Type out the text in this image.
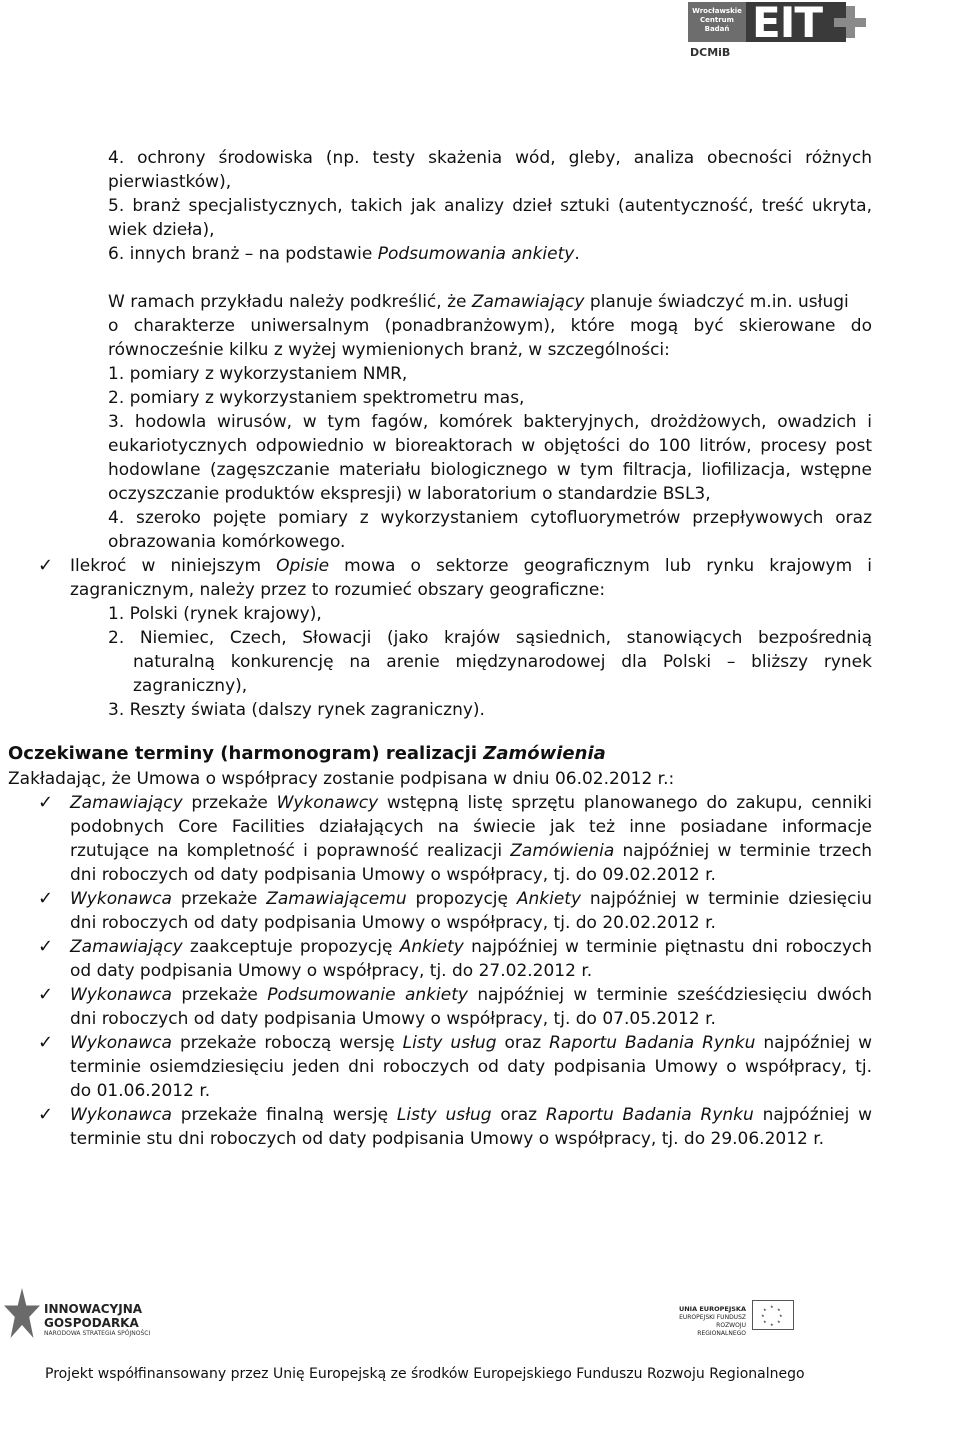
Wrocławskie
Centrum
Badań EIT
DCMiB
4. ochrony środowiska (np. testy skażenia wód, gleby, analiza obecności różnych
pierwiastków),
5. branż specjalistycznych, takich jak analizy dzieł sztuki (autentyczność, treść ukryta,
wiek dzieła),
6. innych branż – na podstawie Podsumowania ankiety.
W ramach przykładu należy podkreślić, że Zamawiający planuje świadczyć m.in. usługi
o charakterze uniwersalnym (ponadbranżowym), które mogą być skierowane do
równocześnie kilku z wyżej wymienionych branż, w szczególności:
1. pomiary z wykorzystaniem NMR,
2. pomiary z wykorzystaniem spektrometru mas,
3. hodowla wirusów, w tym fagów, komórek bakteryjnych, drożdżowych, owadzich i
eukariotycznych odpowiednio w bioreaktorach w objętości do 100 litrów, procesy post
hodowlane (zagęszczanie materiału biologicznego w tym filtracja, liofilizacja, wstępne
oczyszczanie produktów ekspresji) w laboratorium o standardzie BSL3,
4. szeroko pojęte pomiary z wykorzystaniem cytofluorymetrów przepływowych oraz
obrazowania komórkowego.
✓ Ilekroć w niniejszym Opisie mowa o sektorze geograficznym lub rynku krajowym i
zagranicznym, należy przez to rozumieć obszary geograficzne:
1. Polski (rynek krajowy),
2. Niemiec, Czech, Słowacji (jako krajów sąsiednich, stanowiących bezpośrednią
naturalną konkurencję na arenie międzynarodowej dla Polski – bliższy rynek
zagraniczny),
3. Reszty świata (dalszy rynek zagraniczny).
Oczekiwane terminy (harmonogram) realizacji Zamówienia
Zakładając, że Umowa o współpracy zostanie podpisana w dniu 06.02.2012 r.:
✓ Zamawiający przekaże Wykonawcy wstępną listę sprzętu planowanego do zakupu, cenniki
podobnych Core Facilities działających na świecie jak też inne posiadane informacje
rzutujące na kompletność i poprawność realizacji Zamówienia najpóźniej w terminie trzech
dni roboczych od daty podpisania Umowy o współpracy, tj. do 09.02.2012 r.
✓ Wykonawca przekaże Zamawiającemu propozycję Ankiety najpóźniej w terminie dziesięciu
dni roboczych od daty podpisania Umowy o współpracy, tj. do 20.02.2012 r.
✓ Zamawiający zaakceptuje propozycję Ankiety najpóźniej w terminie piętnastu dni roboczych
od daty podpisania Umowy o współpracy, tj. do 27.02.2012 r.
✓ Wykonawca przekaże Podsumowanie ankiety najpóźniej w terminie sześćdziesięciu dwóch
dni roboczych od daty podpisania Umowy o współpracy, tj. do 07.05.2012 r.
✓ Wykonawca przekaże roboczą wersję Listy usług oraz Raportu Badania Rynku najpóźniej w
terminie osiemdziesięciu jeden dni roboczych od daty podpisania Umowy o współpracy, tj.
do 01.06.2012 r.
✓ Wykonawca przekaże finalną wersję Listy usług oraz Raportu Badania Rynku najpóźniej w
terminie stu dni roboczych od daty podpisania Umowy o współpracy, tj. do 29.06.2012 r.
INNOWACYJNA
GOSPODARKA
NARODOWA STRATEGIA SPÓJNOŚCI
UNIA EUROPEJSKA
EUROPEJSKI FUNDUSZ
ROZWOJU REGIONALNEGO
★
★
★
★
★
★
★
★
Projekt współfinansowany przez Unię Europejską ze środków Europejskiego Funduszu Rozwoju Regionalnego
